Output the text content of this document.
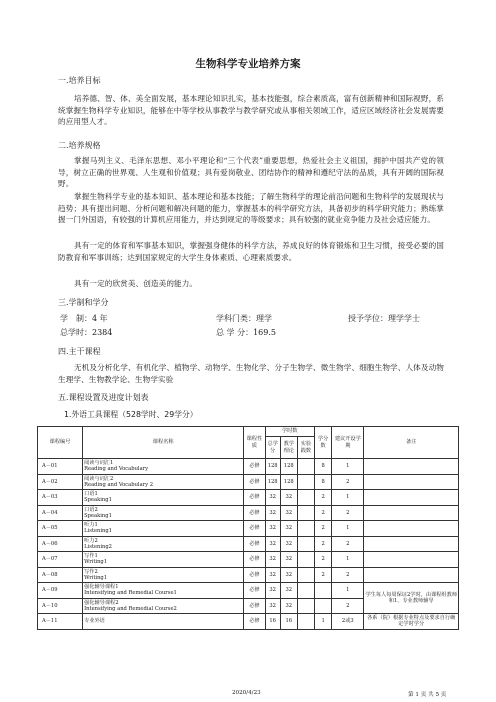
生物科学专业培养方案
一.培养目标
培养德、智、体、美全面发展，基本理论知识扎实，基本技能强，综合素质高，富有创新精神和国际视野，系统掌握生物科学专业知识，能够在中等学校从事教学与教学研究或从事相关领域工作，适应区域经济社会发展需要的应用型人才。
二.培养规格
掌握马列主义、毛泽东思想、邓小平理论和“三个代表”重要思想，热爱社会主义祖国，拥护中国共产党的领导，树立正确的世界观、人生观和价值观；具有爱岗敬业、团结协作的精神和遵纪守法的品质，具有开阔的国际视野。
掌握生物科学专业的基本知识、基本理论和基本技能；了解生物科学的理论前沿问题和生物科学的发展现状与趋势；具有提出问题、分析问题和解决问题的能力，掌握基本的科学研究方法，具备初步的科学研究能力；熟练掌握一门外国语，有较强的计算机应用能力，并达到规定的等级要求；具有较强的就业竞争能力及社会适应能力。
具有一定的体育和军事基本知识，掌握强身健体的科学方法，养成良好的体育锻炼和卫生习惯，接受必要的国防教育和军事训练；达到国家规定的大学生身体素质、心理素质要求。
具有一定的欣赏美、创造美的能力。
三.学制和学分
学　制：4 年	学科门类：理学	授予学位：理学学士
总学时：2384	总 学 分：169.5
四.主干课程
无机及分析化学、有机化学、植物学、动物学、生物化学、分子生物学、微生物学、细胞生物学、人体及动物生理学、生物教学论、生物学实验
五.课程设置及进度计划表
1.外语工具课程（528学时、29学分）
课程编号	课程名称	课程性质	学时数			学分数	建议开设学期	备注
			总学分	教学理论	实验践数			
A－01	阅读与词汇1
Reading and Vocabulary	必修	128	128		8	1	
A－02	阅读与词汇2
Reading and Vocabulary 2	必修	128	128		8	2	
A－03	口语1
Speaking1	必修	32	32		2	1	
A－04	口语2
Speaking1	必修	32	32		2	2	
A－05	听力1
Listening1	必修	32	32		2	1	
A－06	听力2
Listening2	必修	32	32		2	2	
A－07	写作1
Writing1	必修	32	32		2	1	
A－08	写作2
Writing1	必修	32	32		2	2	
A－09	强化辅导课程1
Intensifying and Remedial Course1	必修	32	32			1	学生每人每周保证2学时，由课程组教师和1、专业教师辅导
A－10	强化辅导课程2
Intensifying and Remedial Course2	必修	32	32			2	
A－11	专业外语	必修	16	16		1	2或3	各系（院）根据专业特点及要求自行确定学时学分
2020/4/23	第 1 页 共 5 页
